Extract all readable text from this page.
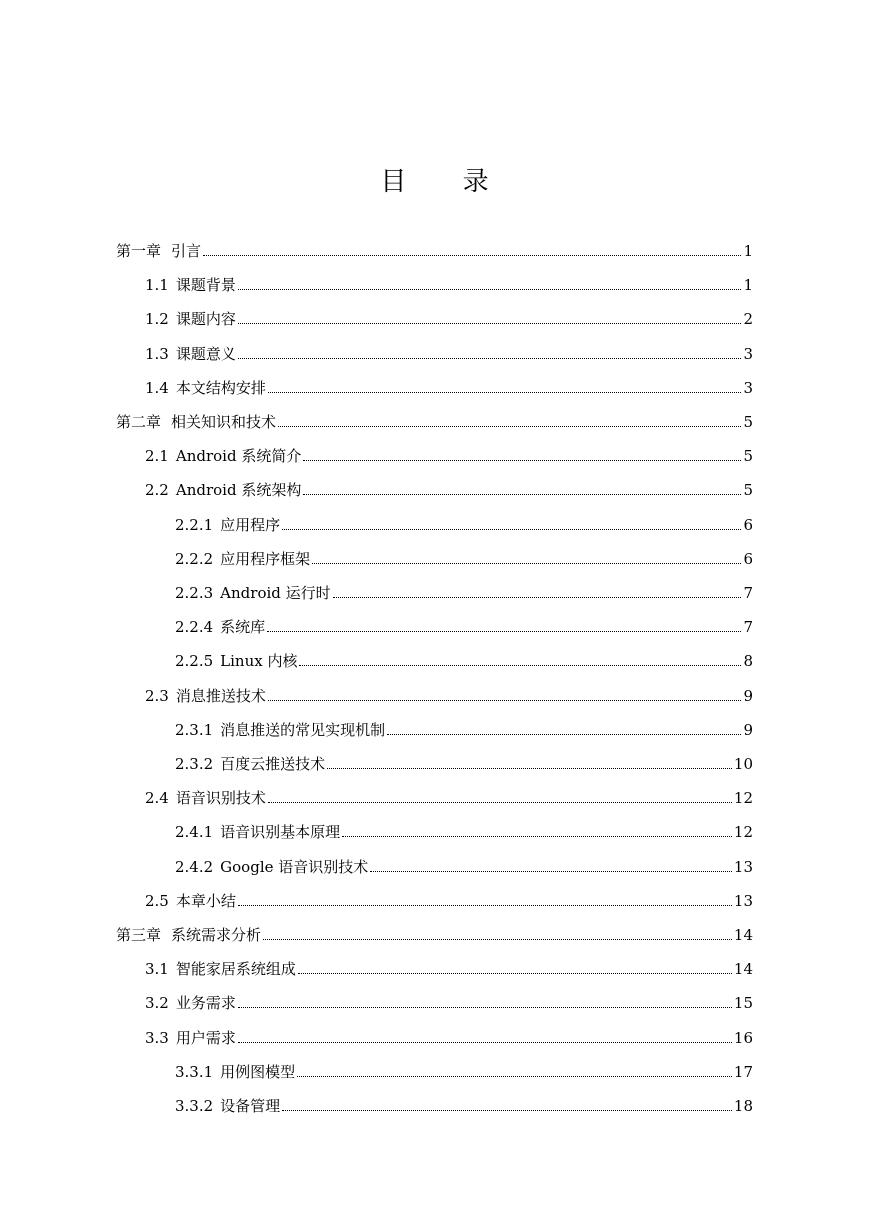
目 录
第一章 引言	1
1.1 课题背景	1
1.2 课题内容	2
1.3 课题意义	3
1.4 本文结构安排	3
第二章 相关知识和技术	5
2.1 Android 系统简介	5
2.2 Android 系统架构	5
2.2.1 应用程序	6
2.2.2 应用程序框架	6
2.2.3 Android 运行时	7
2.2.4 系统库	7
2.2.5 Linux 内核	8
2.3 消息推送技术	9
2.3.1 消息推送的常见实现机制	9
2.3.2 百度云推送技术	10
2.4 语音识别技术	12
2.4.1 语音识别基本原理	12
2.4.2 Google 语音识别技术	13
2.5 本章小结	13
第三章 系统需求分析	14
3.1 智能家居系统组成	14
3.2 业务需求	15
3.3 用户需求	16
3.3.1 用例图模型	17
3.3.2 设备管理	18
